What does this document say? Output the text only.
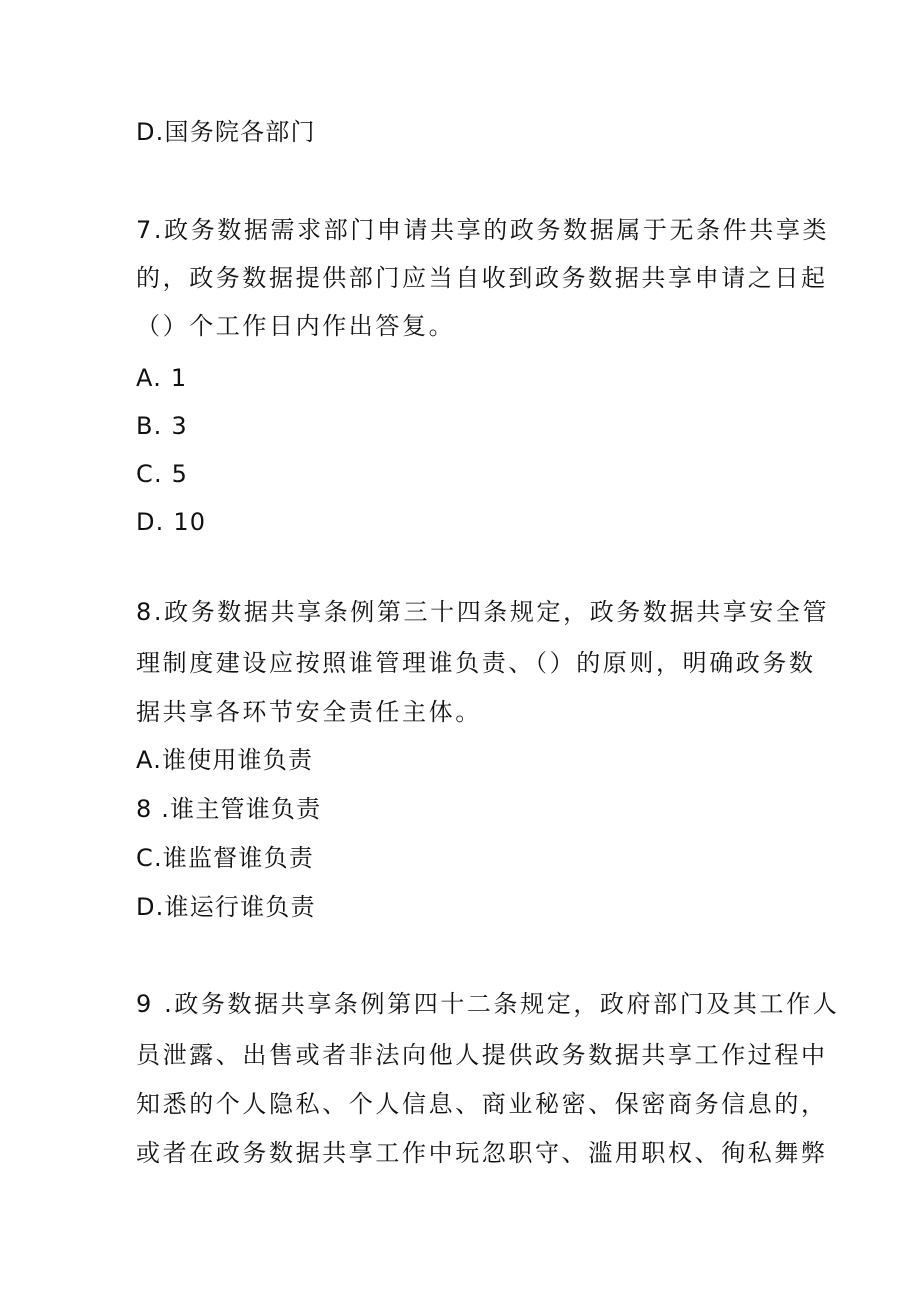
D.国务院各部门
7.政务数据需求部门申请共享的政务数据属于无条件共享类
的，政务数据提供部门应当自收到政务数据共享申请之日起
（）个工作日内作出答复。
A. 1
B. 3
C. 5
D. 10
8.政务数据共享条例第三十四条规定，政务数据共享安全管
理制度建设应按照谁管理谁负责、（）的原则，明确政务数
据共享各环节安全责任主体。
A.谁使用谁负责
8 .谁主管谁负责
C.谁监督谁负责
D.谁运行谁负责
9 .政务数据共享条例第四十二条规定，政府部门及其工作人
员泄露、出售或者非法向他人提供政务数据共享工作过程中
知悉的个人隐私、个人信息、商业秘密、保密商务信息的，
或者在政务数据共享工作中玩忽职守、滥用职权、徇私舞弊
